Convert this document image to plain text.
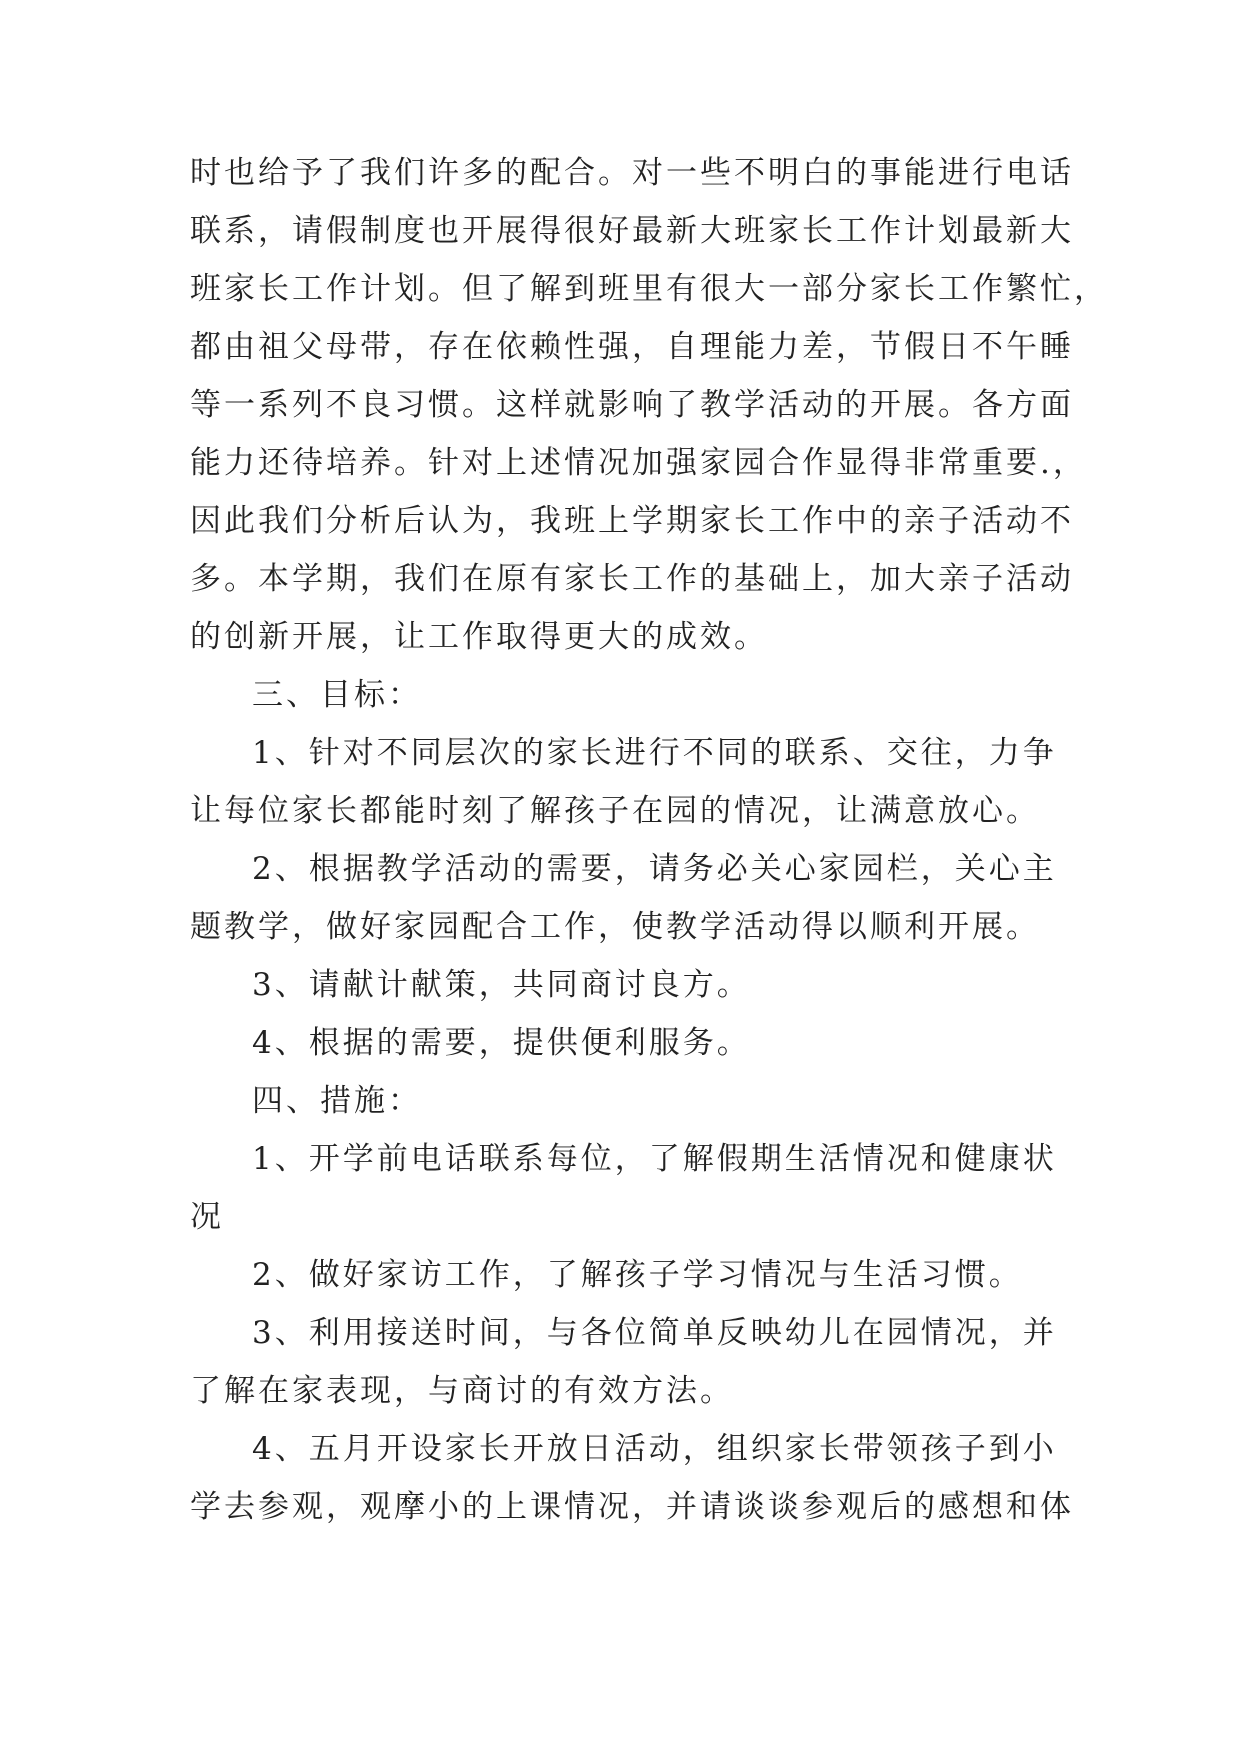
时也给予了我们许多的配合。对一些不明白的事能进行电话
联系，请假制度也开展得很好最新大班家长工作计划最新大
班家长工作计划。但了解到班里有很大一部分家长工作繁忙，
都由祖父母带，存在依赖性强，自理能力差，节假日不午睡
等一系列不良习惯。这样就影响了教学活动的开展。各方面
能力还待培养。针对上述情况加强家园合作显得非常重要.，
因此我们分析后认为，我班上学期家长工作中的亲子活动不
多。本学期，我们在原有家长工作的基础上，加大亲子活动
的创新开展，让工作取得更大的成效。
三、目标：
1、针对不同层次的家长进行不同的联系、交往，力争
让每位家长都能时刻了解孩子在园的情况，让满意放心。
2、根据教学活动的需要，请务必关心家园栏，关心主
题教学，做好家园配合工作，使教学活动得以顺利开展。
3、请献计献策，共同商讨良方。
4、根据的需要，提供便利服务。
四、措施：
1、开学前电话联系每位，了解假期生活情况和健康状
况
2、做好家访工作，了解孩子学习情况与生活习惯。
3、利用接送时间，与各位简单反映幼儿在园情况，并
了解在家表现，与商讨的有效方法。
4、五月开设家长开放日活动，组织家长带领孩子到小
学去参观，观摩小的上课情况，并请谈谈参观后的感想和体
